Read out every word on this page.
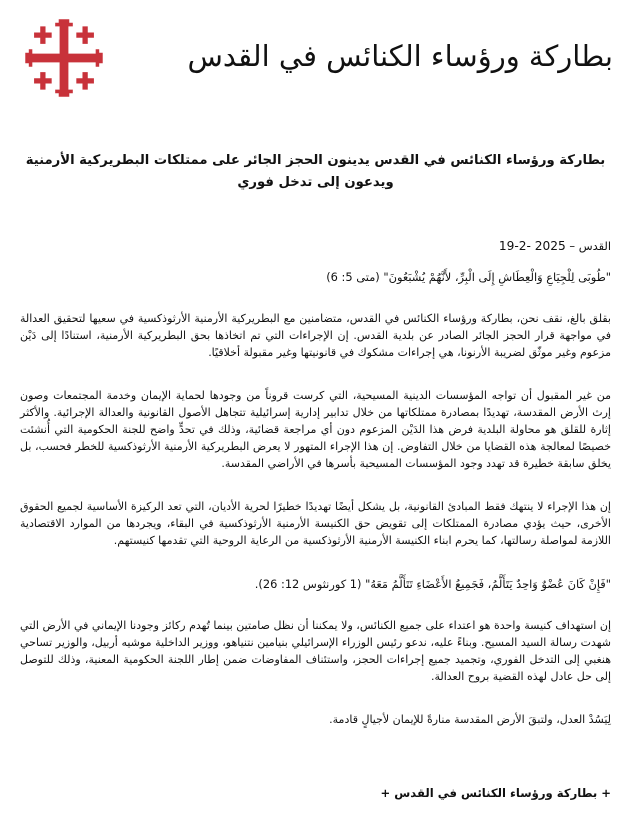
بطاركة ورؤساء الكنائس في القدس
بطاركة ورؤساء الكنائس في القدس يدينون الحجز الجائر على ممتلكات البطريركية الأرمنية
ويدعون إلى تدخل فوري
القدس – 19-2- 2025
"طُوبَى لِلْجِيَاعِ وَالْعِطَاشِ إِلَى الْبِرِّ، لأَنَّهُمْ يُشْبَعُونَ" (متى 5: 6)

بقلق بالغ، نقف نحن، بطاركة ورؤساء الكنائس في القدس، متضامنين مع البطريركية الأرمنية الأرثوذكسية في سعيها لتحقيق العدالة في مواجهة قرار الحجز الجائر الصادر عن بلدية القدس. إن الإجراءات التي تم اتخاذها بحق البطريركية الأرمنية، استنادًا إلى دَيْن مزعوم وغير موثّق لضريبة الأرنونا، هي إجراءات مشكوك في قانونيتها وغير مقبولة أخلاقيًا.

من غير المقبول أن تواجه المؤسسات الدينية المسيحية، التي كرست قروناً من وجودها لحماية الإيمان وخدمة المجتمعات وصون إرث الأرض المقدسة، تهديدًا بمصادرة ممتلكاتها من خلال تدابير إدارية إسرائيلية تتجاهل الأصول القانونية والعدالة الإجرائية. والأكثر إثارة للقلق هو محاولة البلدية فرض هذا الدَيْن المزعوم دون أي مراجعة قضائية، وذلك في تحدٍّ واضح للجنة الحكومية التي أُنشئت خصيصًا لمعالجة هذه القضايا من خلال التفاوض. إن هذا الإجراء المتهور لا يعرض البطريركية الأرمنية الأرثوذكسية للخطر فحسب، بل يخلق سابقة خطيرة قد تهدد وجود المؤسسات المسيحية بأسرها في الأراضي المقدسة.

إن هذا الإجراء لا ينتهك فقط المبادئ القانونية، بل يشكل أيضًا تهديدًا خطيرًا لحرية الأديان، التي تعد الركيزة الأساسية لجميع الحقوق الأخرى، حيث يؤدي مصادرة الممتلكات إلى تقويض حق الكنيسة الأرمنية الأرثوذكسية في البقاء، ويجردها من الموارد الاقتصادية اللازمة لمواصلة رسالتها، كما يحرم ابناء الكنيسة الأرمنية الأرثوذكسية من الرعاية الروحية التي تقدمها كنيستهم.

"فَإِنْ كَانَ عُضْوٌ وَاحِدٌ يَتَأَلَّمُ، فَجَمِيعُ الأَعْضَاءِ تَتَأَلَّمُ مَعَهُ" (1 كورنثوس 12: 26).

إن استهداف كنيسة واحدة هو اعتداء على جميع الكنائس، ولا يمكننا أن نظل صامتين بينما تُهدم ركائز وجودنا الإيماني في الأرض التي شهدت رسالة السيد المسيح. وبناءً عليه، ندعو رئيس الوزراء الإسرائيلي بنيامين نتنياهو، ووزير الداخلية موشيه أربيل، والوزير تساحي هنغبي إلى التدخل الفوري، وتجميد جميع إجراءات الحجز، واستئناف المفاوضات ضمن إطار اللجنة الحكومية المعنية، وذلك للتوصل إلى حل عادل لهذه القضية بروح العدالة.

لِيَسُدْ العدل، ولتبقَ الأرض المقدسة منارةً للإيمان لأجيالٍ قادمة.

+ بطاركة ورؤساء الكنائس في القدس +
